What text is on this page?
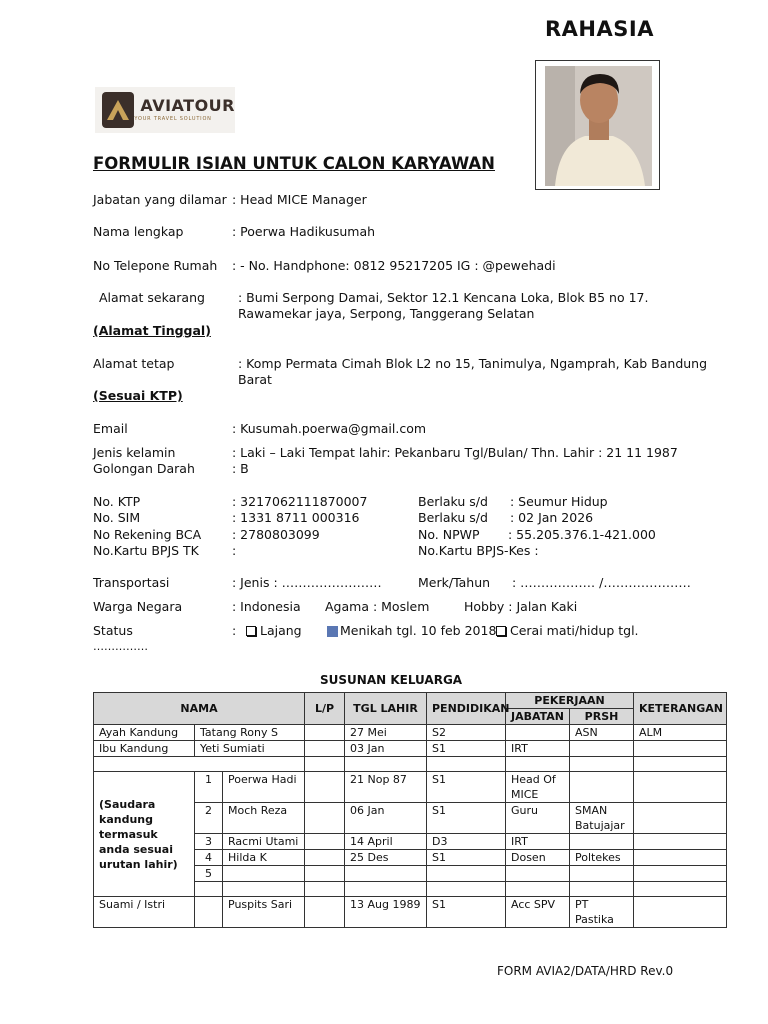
RAHASIA
AVIATOUR
YOUR TRAVEL SOLUTION
FORMULIR ISIAN UNTUK CALON KARYAWAN
Jabatan yang dilamar : Head MICE Manager
Nama lengkap	: Poerwa Hadikusumah
No Telepone Rumah : - No. Handphone: 0812 95217205 IG : @pewehadi
Alamat sekarang	: Bumi Serpong Damai, Sektor 12.1 Kencana Loka, Blok B5 no 17.
Rawamekar jaya, Serpong, Tanggerang Selatan
(Alamat Tinggal)
Alamat tetap	: Komp Permata Cimah Blok L2 no 15, Tanimulya, Ngamprah, Kab Bandung
Barat
(Sesuai KTP)
Email	: Kusumah.poerwa@gmail.com
Jenis kelamin	: Laki – Laki Tempat lahir: Pekanbaru Tgl/Bulan/ Thn. Lahir : 21 11 1987
Golongan Darah	: B
No. KTP	: 3217062111870007	Berlaku s/d : Seumur Hidup
No. SIM	: 1331 8711 000316	Berlaku s/d : 02 Jan 2026
No Rekening BCA : 2780803099	No. NPWP : 55.205.376.1-421.000
No.Kartu BPJS TK	:	No.Kartu BPJS-Kes :
Transportasi	: Jenis : ……………………	Merk/Tahun : ……………… /…………………
Warga Negara	: Indonesia Agama : Moslem	Hobby : Jalan Kaki
Status	:	Lajang	Menikah tgl. 10 feb 2018	Cerai mati/hidup tgl.
……………
SUSUNAN KELUARGA
NAMA			L/P	TGL LAHIR	PENDIDIKAN	PEKERJAAN		KETERANGAN
						JABATAN	PRSH	
Ayah Kandung	Tatang Rony S			27 Mei	S2		ASN	ALM
Ibu Kandung	Yeti Sumiati			03 Jan	S1	IRT		

(Saudara kandung termasuk anda sesuai urutan lahir)	1	Poerwa Hadi		21 Nop 87	S1	Head Of MICE		
	2	Moch Reza		06 Jan	S1	Guru	SMAN Batujajar	
	3	Racmi Utami		14 April	D3	IRT		
	4	Hilda K		25 Des	S1	Dosen	Poltekes	
	5							

Suami / Istri		Puspits Sari		13 Aug 1989	S1	Acc SPV	PT Pastika	
FORM AVIA2/DATA/HRD Rev.0
